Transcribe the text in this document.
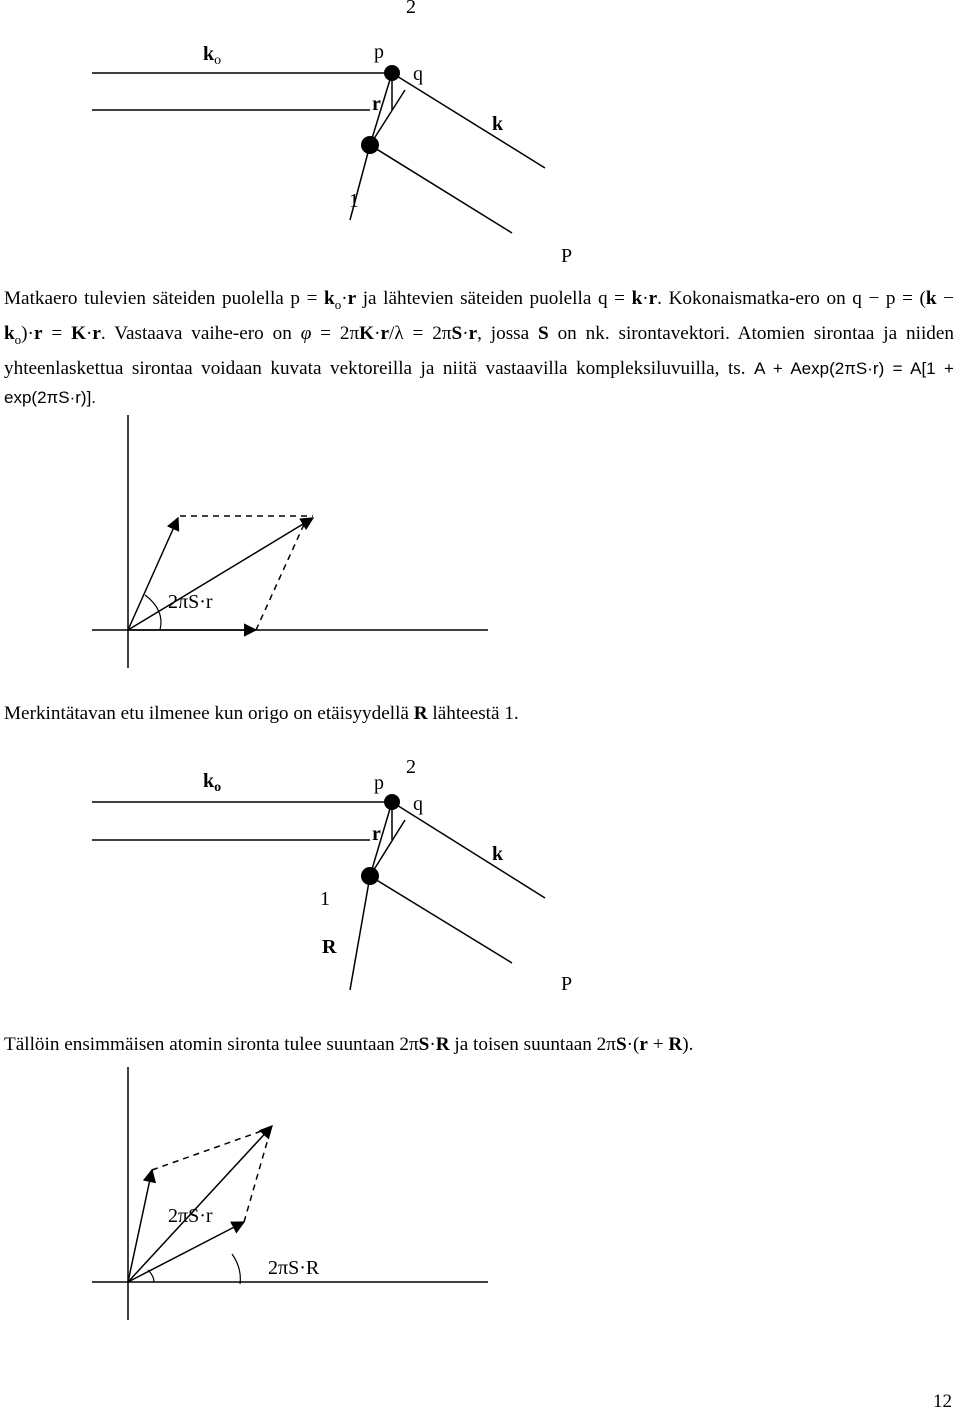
$k_o$	p
q
r
k
2
1
P

Matkaero tulevien säteiden puolella $p = k_o\cdot r$ ja lähtevien säteiden puolella q = k·r. Kokonaismatka-ero on $q - p = (k - k_o)\cdot r = K\cdot r$. Vastaava vaihe-ero on φ = 2πK·r/λ = 2πS·r, jossa S on nk. sirontavektori. Atomien sirontaa ja niiden yhteenlaskettua sirontaa voidaan kuvata vektoreilla ja niitä vastaavilla kompleksiluvuilla, ts. A + Aexp(2πS·r) = A[1 + exp(2πS·r)].

2πS·r

Merkintätavan etu ilmenee kun origo on etäisyydellä R lähteestä 1.

$k_o$	p
q
r
k
2
1
R
P

Tällöin ensimmäisen atomin sironta tulee suuntaan 2πS·R ja toisen suuntaan 2πS·(r + R).

2πS·r
2πS·R
12
